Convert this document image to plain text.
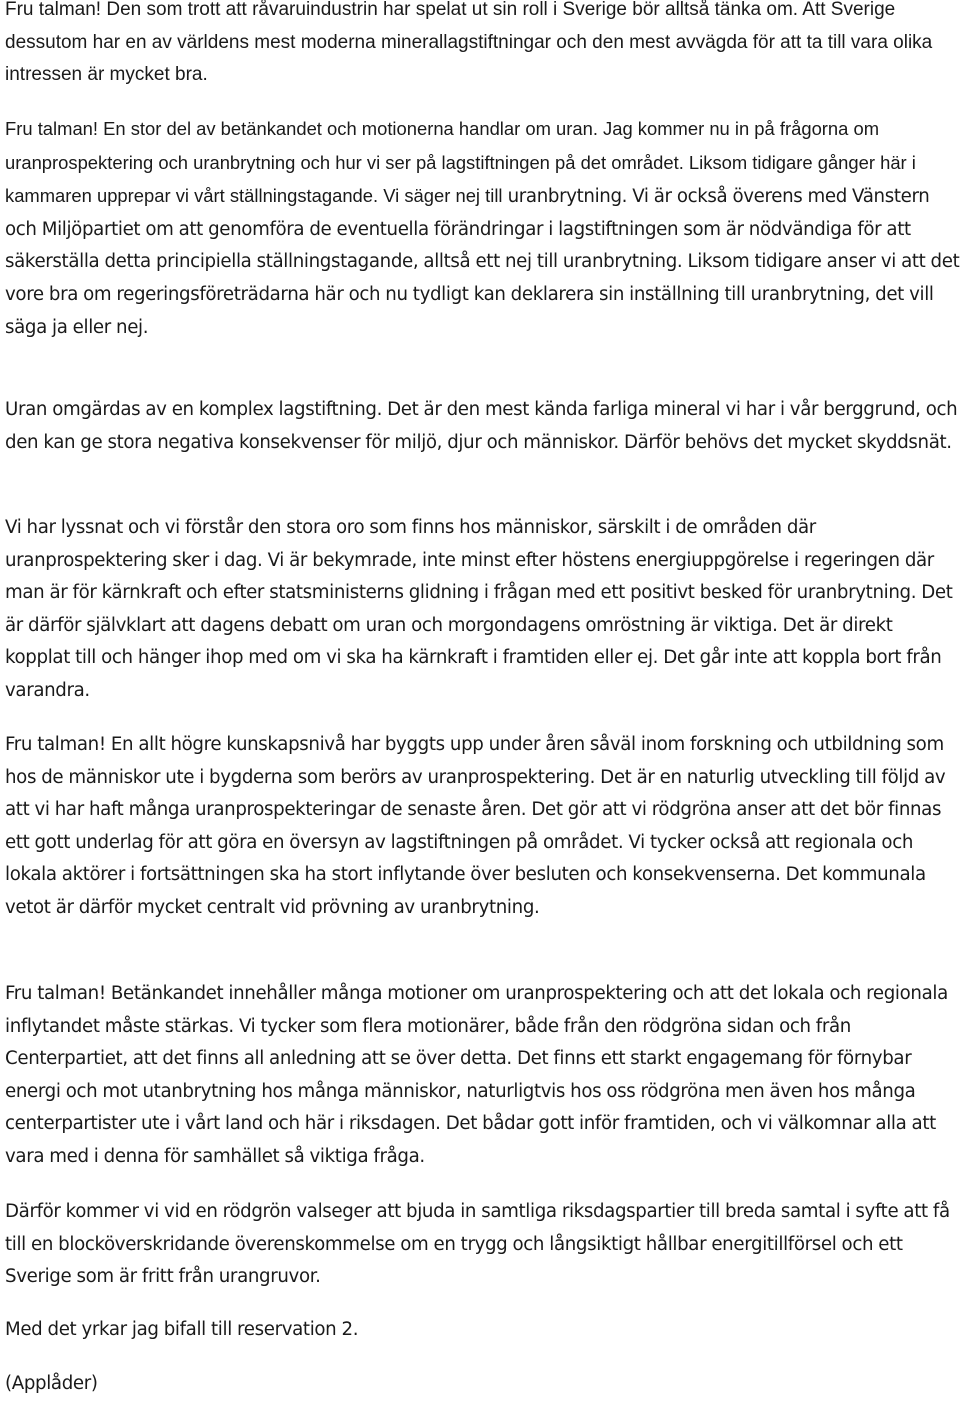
Fru talman! Den som trott att råvaruindustrin har spelat ut sin roll i Sverige bör alltså tänka om. Att Sverige dessutom har en av världens mest moderna minerallagstiftningar och den mest avvägda för att ta till vara olika intressen är mycket bra.

Fru talman! En stor del av betänkandet och motionerna handlar om uran. Jag kommer nu in på frågorna om uranprospektering och uranbrytning och hur vi ser på lagstiftningen på det området. Liksom tidigare gånger här i kammaren upprepar vi vårt ställningstagande. Vi säger nej till uranbrytning. Vi är också överens med Vänstern och Miljöpartiet om att genomföra de eventuella förändringar i lagstiftningen som är nödvändiga för att säkerställa detta principiella ställningstagande, alltså ett nej till uranbrytning. Liksom tidigare anser vi att det vore bra om regeringsföreträdarna här och nu tydligt kan deklarera sin inställning till uranbrytning, det vill säga ja eller nej.

Uran omgärdas av en komplex lagstiftning. Det är den mest kända farliga mineral vi har i vår berggrund, och den kan ge stora negativa konsekvenser för miljö, djur och människor. Därför behövs det mycket skyddsnät.

Vi har lyssnat och vi förstår den stora oro som finns hos människor, särskilt i de områden där uranprospektering sker i dag. Vi är bekymrade, inte minst efter höstens energiuppgörelse i regeringen där man är för kärnkraft och efter statsministerns glidning i frågan med ett positivt besked för uranbrytning. Det är därför självklart att dagens debatt om uran och morgondagens omröstning är viktiga. Det är direkt kopplat till och hänger ihop med om vi ska ha kärnkraft i framtiden eller ej. Det går inte att koppla bort från varandra.

Fru talman! En allt högre kunskapsnivå har byggts upp under åren såväl inom forskning och utbildning som hos de människor ute i bygderna som berörs av uranprospektering. Det är en naturlig utveckling till följd av att vi har haft många uranprospekteringar de senaste åren. Det gör att vi rödgröna anser att det bör finnas ett gott underlag för att göra en översyn av lagstiftningen på området. Vi tycker också att regionala och lokala aktörer i fortsättningen ska ha stort inflytande över besluten och konsekvenserna. Det kommunala vetot är därför mycket centralt vid prövning av uranbrytning.

Fru talman! Betänkandet innehåller många motioner om uranprospektering och att det lokala och regionala inflytandet måste stärkas. Vi tycker som flera motionärer, både från den rödgröna sidan och från Centerpartiet, att det finns all anledning att se över detta. Det finns ett starkt engagemang för förnybar energi och mot utanbrytning hos många människor, naturligtvis hos oss rödgröna men även hos många centerpartister ute i vårt land och här i riksdagen. Det bådar gott inför framtiden, och vi välkomnar alla att vara med i denna för samhället så viktiga fråga.

Därför kommer vi vid en rödgrön valseger att bjuda in samtliga riksdagspartier till breda samtal i syfte att få till en blocköverskridande överenskommelse om en trygg och långsiktigt hållbar energitillförsel och ett Sverige som är fritt från urangruvor.

Med det yrkar jag bifall till reservation 2.

(Applåder)
